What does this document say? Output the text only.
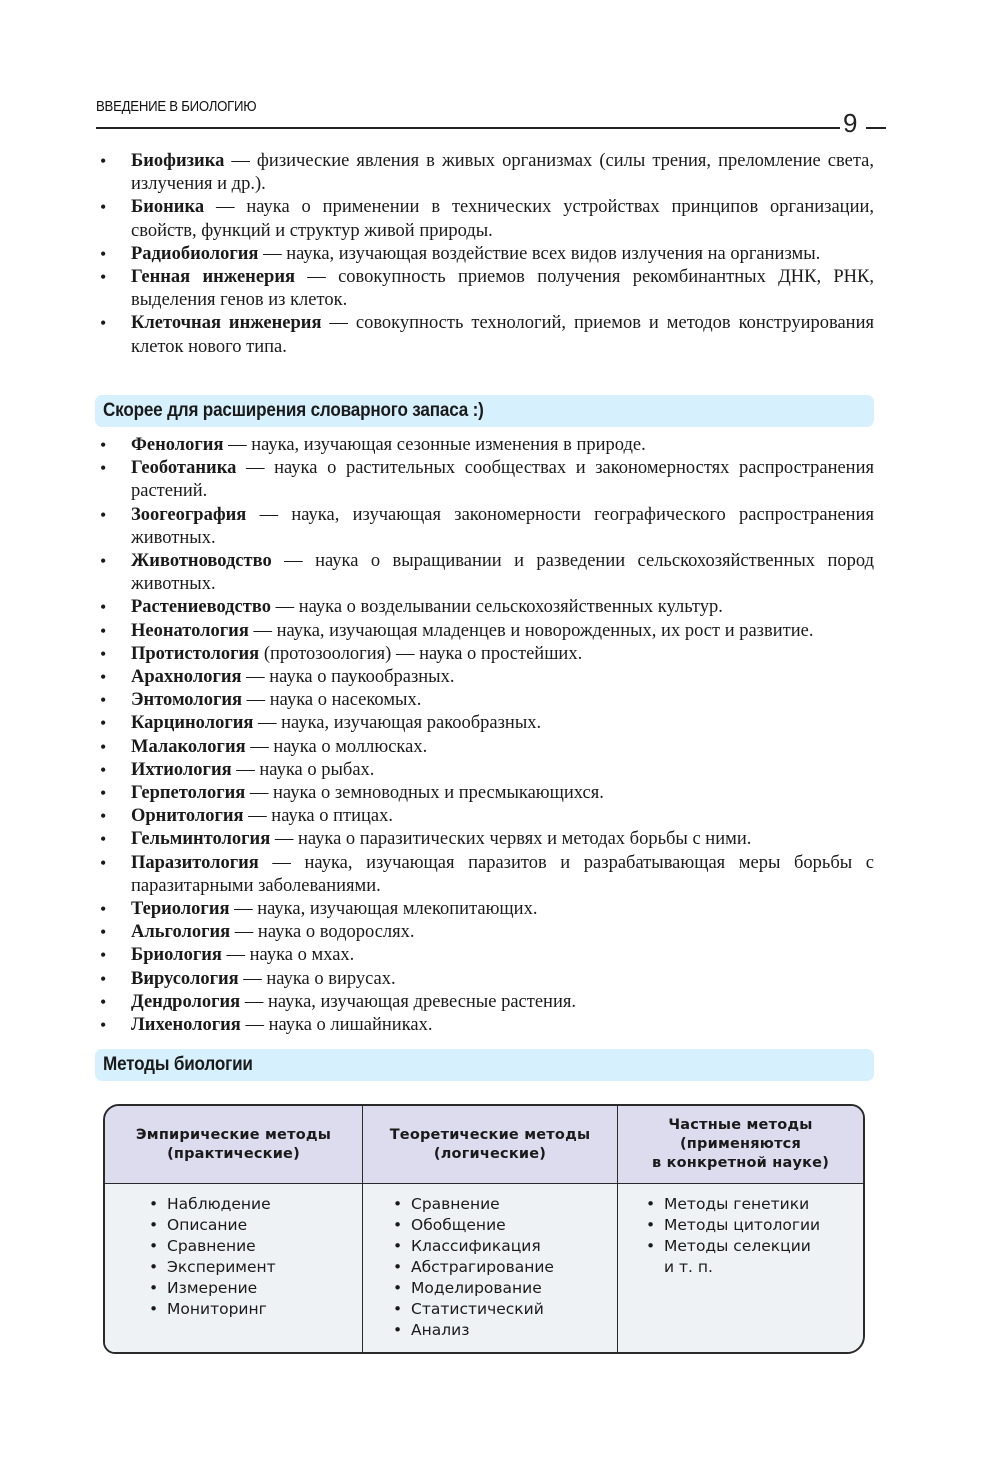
ВВЕДЕНИЕ В БИОЛОГИЮ
9
• Биофизика — физические явления в живых организмах (силы трения, преломление света, излучения и др.).
• Бионика — наука о применении в технических устройствах принципов организации, свойств, функций и структур живой природы.
• Радиобиология — наука, изучающая воздействие всех видов излучения на организмы.
• Генная инженерия — совокупность приемов получения рекомбинантных ДНК, РНК, выделения генов из клеток.
• Клеточная инженерия — совокупность технологий, приемов и методов конструирования клеток нового типа.
Скорее для расширения словарного запаса :)
• Фенология — наука, изучающая сезонные изменения в природе.
• Геоботаника — наука о растительных сообществах и закономерностях распространения растений.
• Зоогеография — наука, изучающая закономерности географического распространения животных.
• Животноводство — наука о выращивании и разведении сельскохозяйственных пород животных.
• Растениеводство — наука о возделывании сельскохозяйственных культур.
• Неонатология — наука, изучающая младенцев и новорожденных, их рост и развитие.
• Протистология (протозоология) — наука о простейших.
• Арахнология — наука о паукообразных.
• Энтомология — наука о насекомых.
• Карцинология — наука, изучающая ракообразных.
• Малакология — наука о моллюсках.
• Ихтиология — наука о рыбах.
• Герпетология — наука о земноводных и пресмыкающихся.
• Орнитология — наука о птицах.
• Гельминтология — наука о паразитических червях и методах борьбы с ними.
• Паразитология — наука, изучающая паразитов и разрабатывающая меры борьбы с паразитарными заболеваниями.
• Териология — наука, изучающая млекопитающих.
• Альгология — наука о водорослях.
• Бриология — наука о мхах.
• Вирусология — наука о вирусах.
• Дендрология — наука, изучающая древесные растения.
• Лихенология — наука о лишайниках.
Методы биологии
Эмпирические методы
(практические)
Теоретические методы
(логические)
Частные методы
(применяются
в конкретной науке)
• Наблюдение
• Описание
• Сравнение
• Эксперимент
• Измерение
• Мониторинг
• Сравнение
• Обобщение
• Классификация
• Абстрагирование
• Моделирование
• Статистический
• Анализ
• Методы генетики
• Методы цитологии
• Методы селекции
и т. п.
